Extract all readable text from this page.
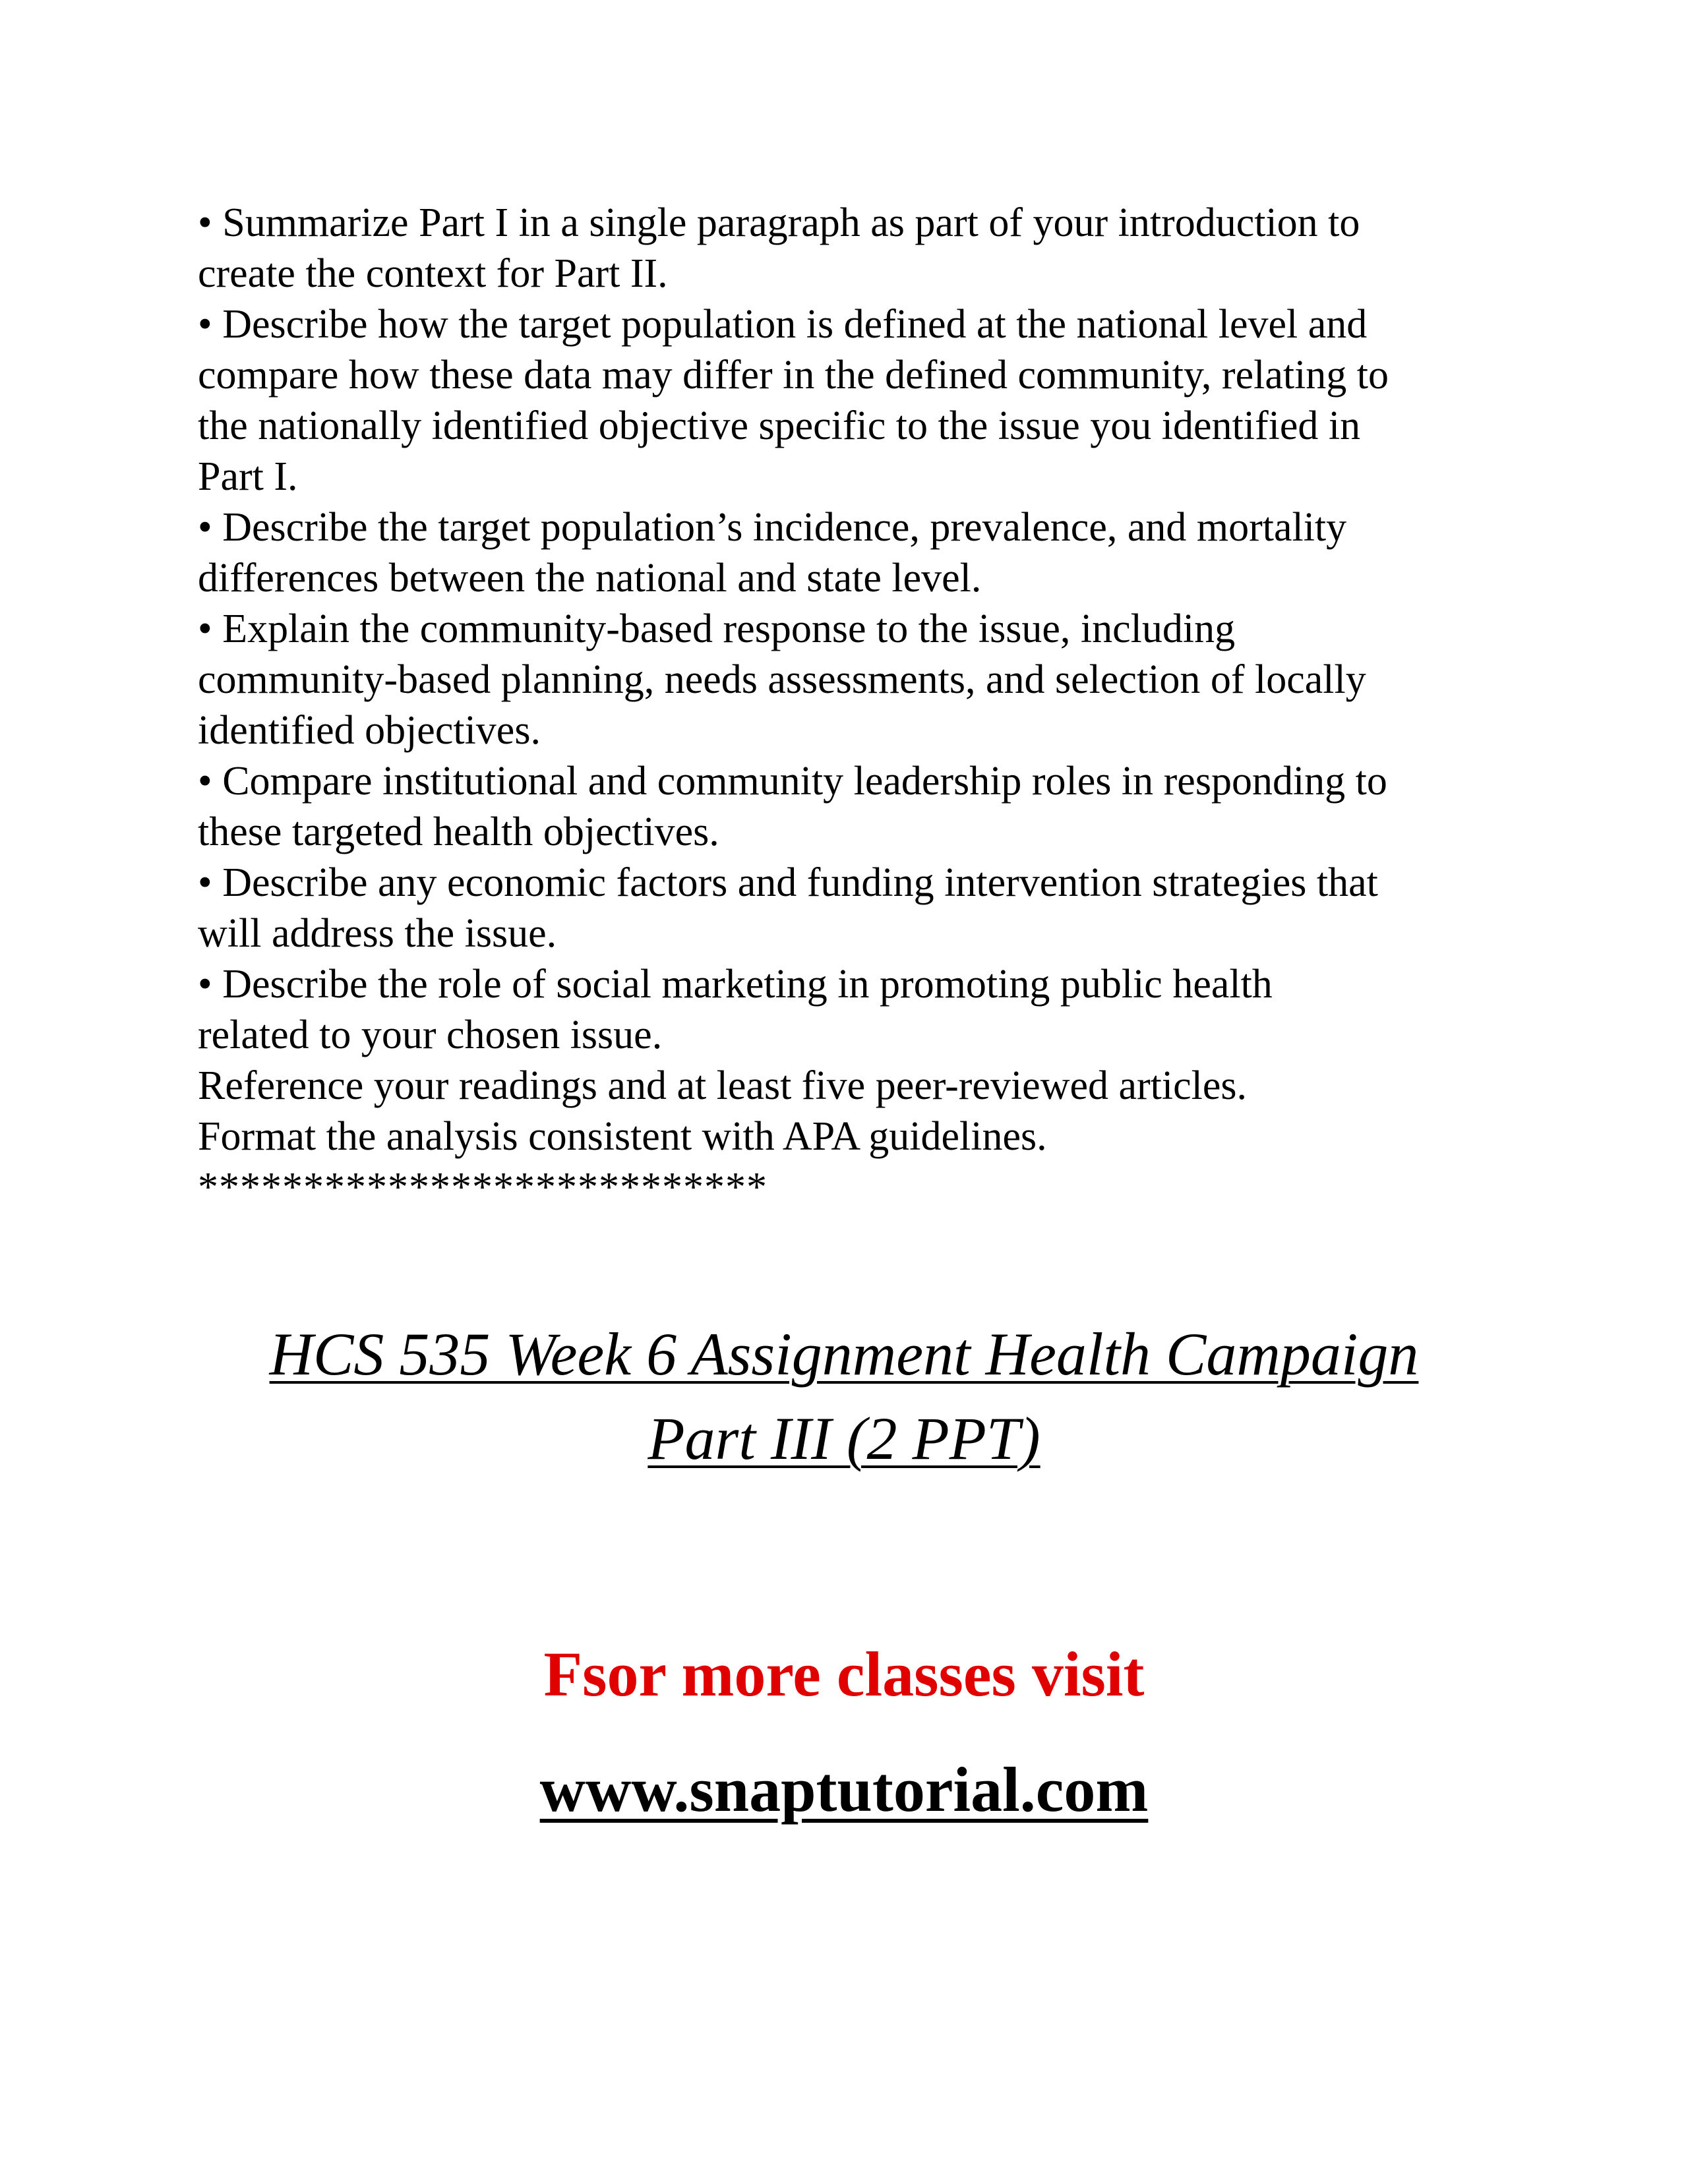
• Summarize Part I in a single paragraph as part of your introduction to
create the context for Part II.
• Describe how the target population is defined at the national level and
compare how these data may differ in the defined community, relating to
the nationally identified objective specific to the issue you identified in
Part I.
• Describe the target population’s incidence, prevalence, and mortality
differences between the national and state level.
• Explain the community-based response to the issue, including
community-based planning, needs assessments, and selection of locally
identified objectives.
• Compare institutional and community leadership roles in responding to
these targeted health objectives.
• Describe any economic factors and funding intervention strategies that
will address the issue.
• Describe the role of social marketing in promoting public health
related to your chosen issue.
Reference your readings and at least five peer-reviewed articles.
Format the analysis consistent with APA guidelines.
***************************
HCS 535 Week 6 Assignment Health Campaign
Part III (2 PPT)
Fsor more classes visit
www.snaptutorial.com
